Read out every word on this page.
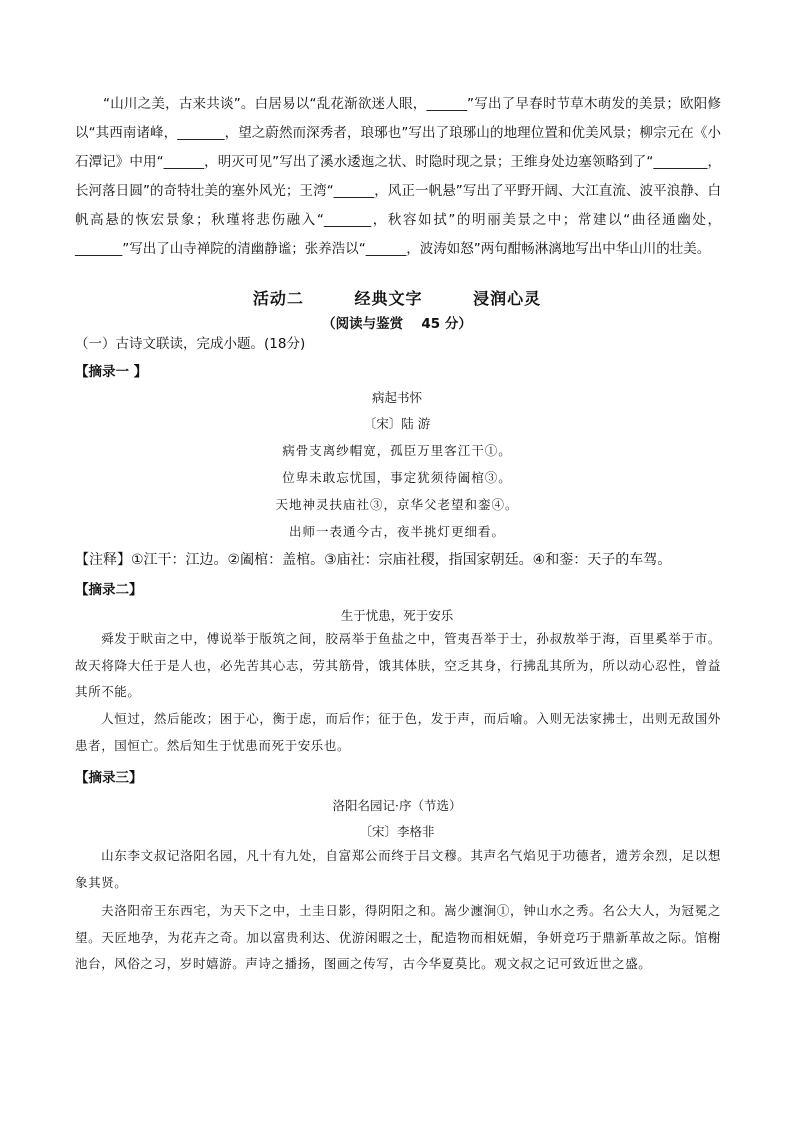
“山川之美，古来共谈”。白居易以“乱花渐欲迷人眼，______”写出了早春时节草木萌发的美景；欧阳修以“其西南诸峰，_______，望之蔚然而深秀者，琅琊也”写出了琅琊山的地理位置和优美风景；柳宗元在《小石潭记》中用“______，明灭可见”写出了溪水逶迤之状、时隐时现之景；王维身处边塞领略到了“________，长河落日圆”的奇特壮美的塞外风光；王湾“______，风正一帆悬”写出了平野开阔、大江直流、波平浪静、白帆高悬的恢宏景象；秋瑾将悲伤融入“_______，秋容如拭”的明丽美景之中；常建以“曲径通幽处，_______”写出了山寺禅院的清幽静谧；张养浩以“______，波涛如怒”两句酣畅淋漓地写出中华山川的壮美。

活动二	经典文字	浸润心灵

（阅读与鉴赏　 45 分）

（一）古诗文联读，完成小题。(18分)

【摘录一 】

病起书怀

〔宋〕陆 游

病骨支离纱帽宽，孤臣万里客江干①。

位卑未敢忘忧国，事定犹须待阖棺③。

天地神灵扶庙社③，京华父老望和銮④。

出师一表通今古，夜半挑灯更细看。

【注释】①江干：江边。②阖棺：盖棺。③庙社：宗庙社稷，指国家朝廷。④和銮：天子的车驾。

【摘录二】

生于忧患，死于安乐

舜发于畎亩之中，傅说举于版筑之间，胶鬲举于鱼盐之中，管夷吾举于士，孙叔敖举于海，百里奚举于市。故天将降大任于是人也，必先苦其心志，劳其筋骨，饿其体肤，空乏其身，行拂乱其所为，所以动心忍性，曾益其所不能。

人恒过，然后能改；困于心，衡于虑，而后作；征于色，发于声，而后喻。入则无法家拂士，出则无敌国外患者，国恒亡。然后知生于忧患而死于安乐也。

【摘录三】

洛阳名园记·序（节选）

〔宋〕李格非

山东李文叔记洛阳名园，凡十有九处，自富郑公而终于吕文穆。其声名气焰见于功德者，遗芳余烈，足以想象其贤。

夫洛阳帝王东西宅，为天下之中，土圭日影，得阴阳之和。嵩少瀍涧①，钟山水之秀。名公大人，为冠冕之望。天匠地孕，为花卉之奇。加以富贵利达、优游闲暇之士，配造物而相妩媚，争妍竞巧于鼎新革故之际。馆榭池台，风俗之习，岁时嬉游。声诗之播扬，图画之传写，古今华夏莫比。观文叔之记可致近世之盛。
